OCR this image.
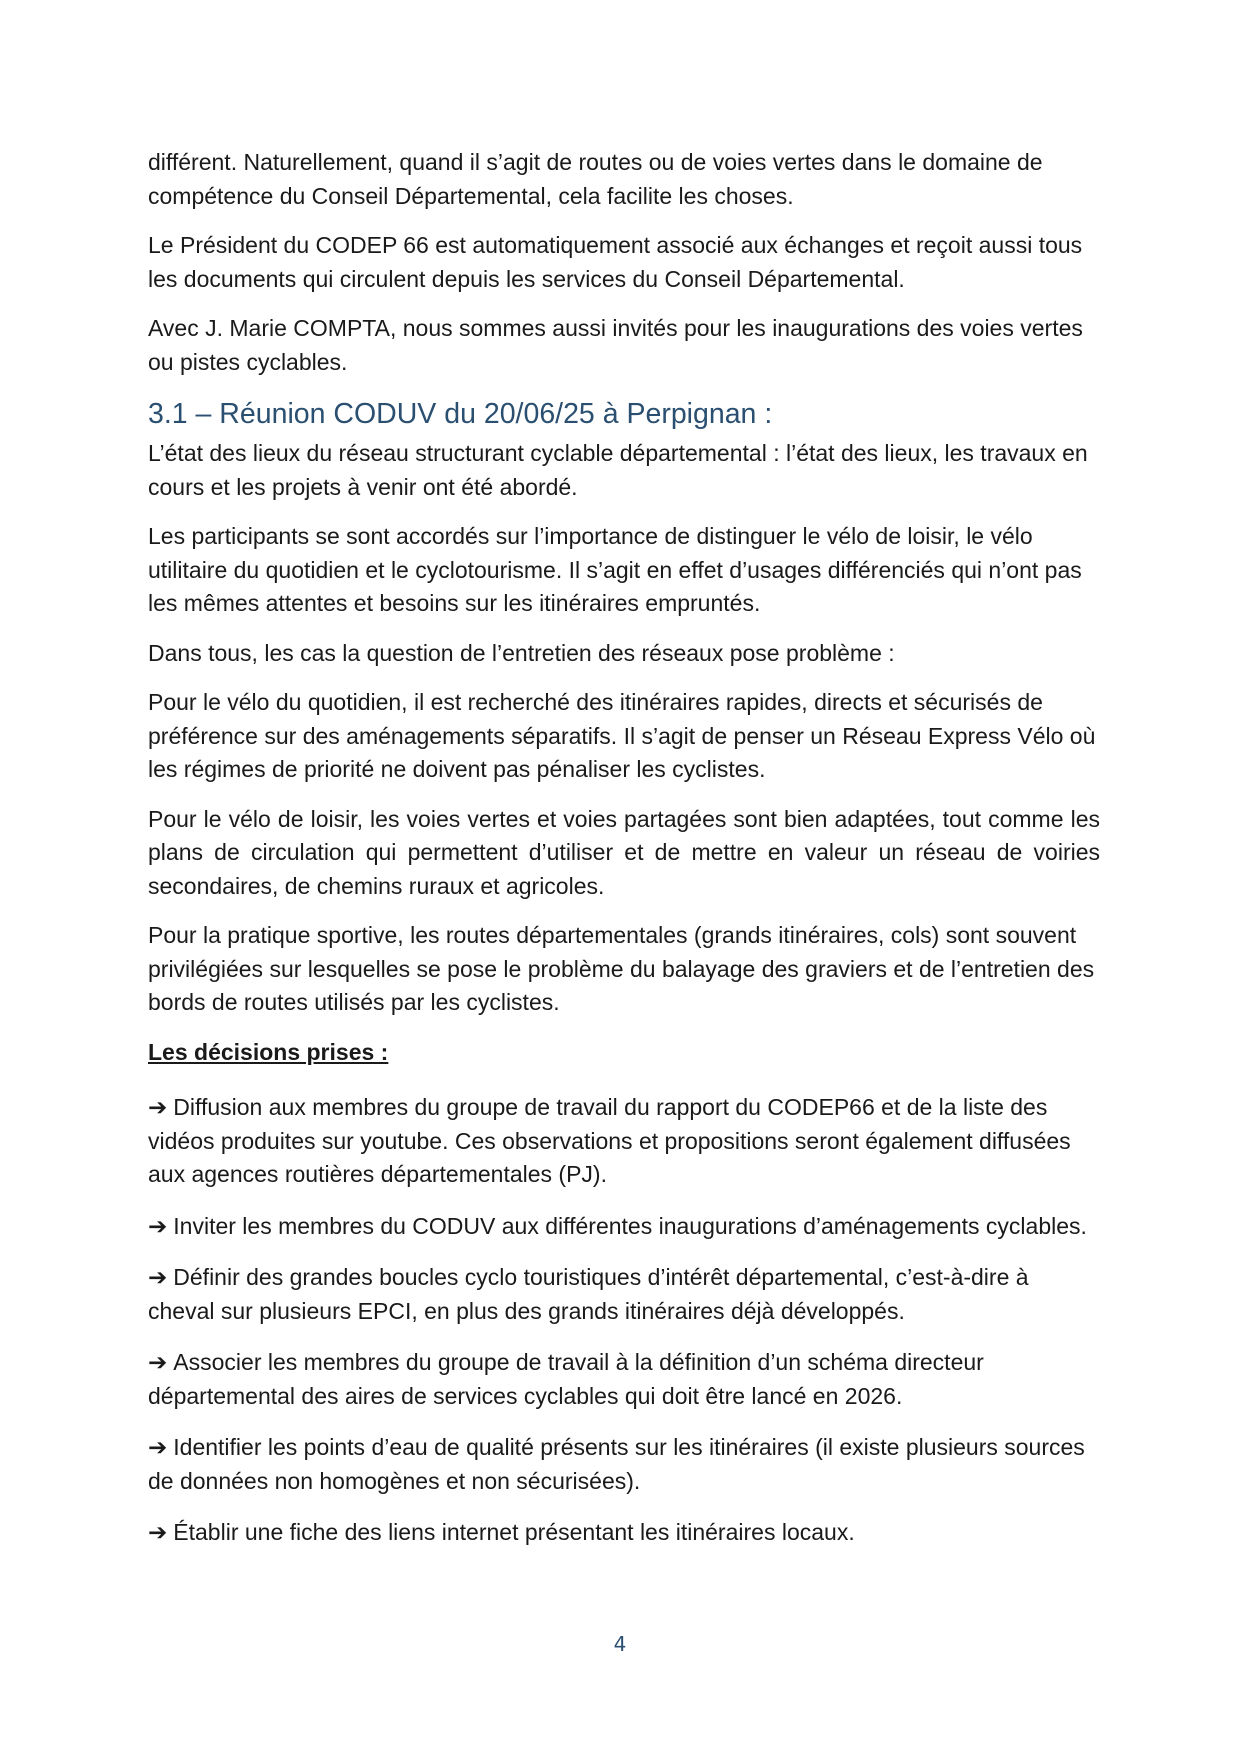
différent. Naturellement, quand il s’agit de routes ou de voies vertes dans le domaine de compétence du Conseil Départemental, cela facilite les choses.

Le Président du CODEP 66 est automatiquement associé aux échanges et reçoit aussi tous les documents qui circulent depuis les services du Conseil Départemental.

Avec J. Marie COMPTA, nous sommes aussi invités pour les inaugurations des voies vertes ou pistes cyclables.

3.1 – Réunion CODUV du 20/06/25 à Perpignan :

L’état des lieux du réseau structurant cyclable départemental : l’état des lieux, les travaux en cours et les projets à venir ont été abordé.

Les participants se sont accordés sur l’importance de distinguer le vélo de loisir, le vélo utilitaire du quotidien et le cyclotourisme. Il s’agit en effet d’usages différenciés qui n’ont pas les mêmes attentes et besoins sur les itinéraires empruntés.

Dans tous, les cas la question de l’entretien des réseaux pose problème :

Pour le vélo du quotidien, il est recherché des itinéraires rapides, directs et sécurisés de préférence sur des aménagements séparatifs. Il s’agit de penser un Réseau Express Vélo où les régimes de priorité ne doivent pas pénaliser les cyclistes.

Pour le vélo de loisir, les voies vertes et voies partagées sont bien adaptées, tout comme les plans de circulation qui permettent d’utiliser et de mettre en valeur un réseau de voiries secondaires, de chemins ruraux et agricoles.

Pour la pratique sportive, les routes départementales (grands itinéraires, cols) sont souvent privilégiées sur lesquelles se pose le problème du balayage des graviers et de l’entretien des bords de routes utilisés par les cyclistes.

Les décisions prises :

➔ Diffusion aux membres du groupe de travail du rapport du CODEP66 et de la liste des vidéos produites sur youtube. Ces observations et propositions seront également diffusées aux agences routières départementales (PJ).

➔ Inviter les membres du CODUV aux différentes inaugurations d’aménagements cyclables.

➔ Définir des grandes boucles cyclo touristiques d’intérêt départemental, c’est-à-dire à cheval sur plusieurs EPCI, en plus des grands itinéraires déjà développés.

➔ Associer les membres du groupe de travail à la définition d’un schéma directeur départemental des aires de services cyclables qui doit être lancé en 2026.

➔ Identifier les points d’eau de qualité présents sur les itinéraires (il existe plusieurs sources de données non homogènes et non sécurisées).

➔ Établir une fiche des liens internet présentant les itinéraires locaux.

4
